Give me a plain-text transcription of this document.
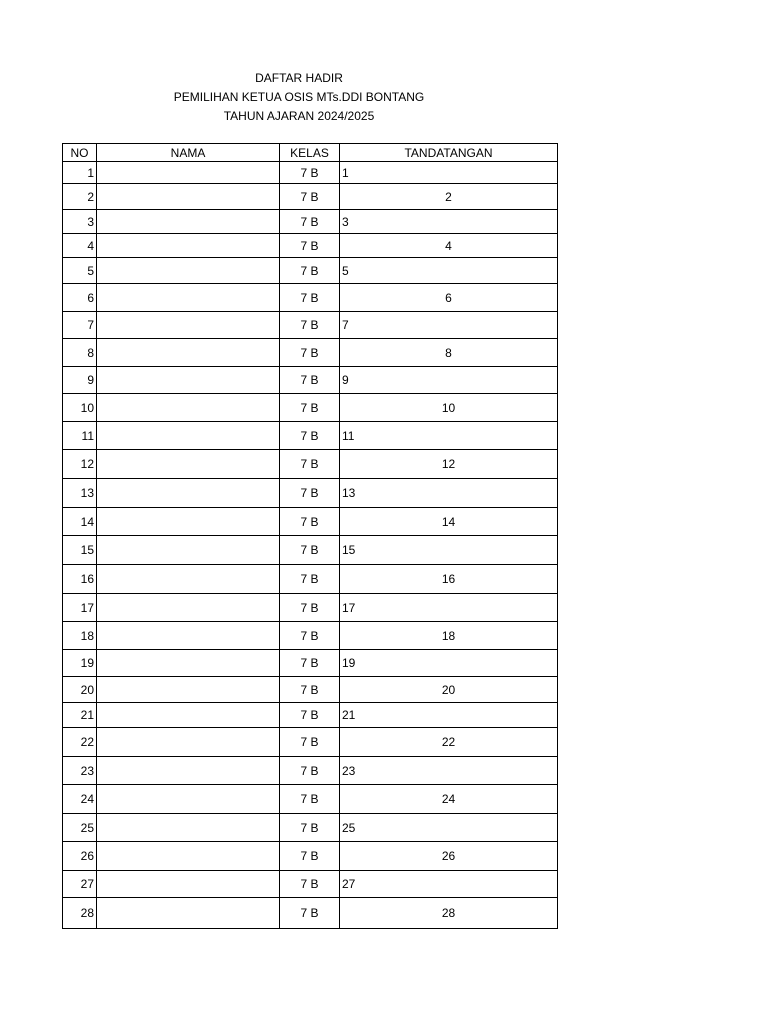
DAFTAR HADIR
PEMILIHAN KETUA OSIS MTs.DDI BONTANG
TAHUN AJARAN 2024/2025
NO	NAMA	KELAS	TANDATANGAN
1		7 B	1
2		7 B	2
3		7 B	3
4		7 B	4
5		7 B	5
6		7 B	6
7		7 B	7
8		7 B	8
9		7 B	9
10		7 B	10
11		7 B	11
12		7 B	12
13		7 B	13
14		7 B	14
15		7 B	15
16		7 B	16
17		7 B	17
18		7 B	18
19		7 B	19
20		7 B	20
21		7 B	21
22		7 B	22
23		7 B	23
24		7 B	24
25		7 B	25
26		7 B	26
27		7 B	27
28		7 B	28
